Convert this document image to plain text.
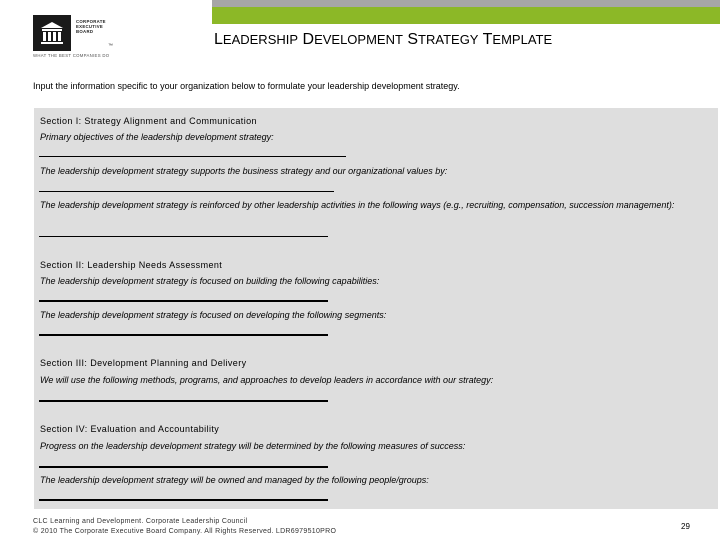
CORPORATE
EXECUTIVE
BOARD
™
WHAT THE BEST COMPANIES DO
LEADERSHIP DEVELOPMENT STRATEGY TEMPLATE
Input the information specific to your organization below to formulate your leadership development strategy.
Section I: Strategy Alignment and Communication
Primary objectives of the leadership development strategy:
The leadership development strategy supports the business strategy and our organizational values by:
The leadership development strategy is reinforced by other leadership activities in the following ways (e.g., recruiting, compensation, succession management):
Section II: Leadership Needs Assessment
The leadership development strategy is focused on building the following capabilities:
The leadership development strategy is focused on developing the following segments:
Section III: Development Planning and Delivery
We will use the following methods, programs, and approaches to develop leaders in accordance with our strategy:
Section IV: Evaluation and Accountability
Progress on the leadership development strategy will be determined by the following measures of success:
The leadership development strategy will be owned and managed by the following people/groups:
CLC Learning and Development. Corporate Leadership Council
© 2010 The Corporate Executive Board Company. All Rights Reserved. LDR6979510PRO
29
